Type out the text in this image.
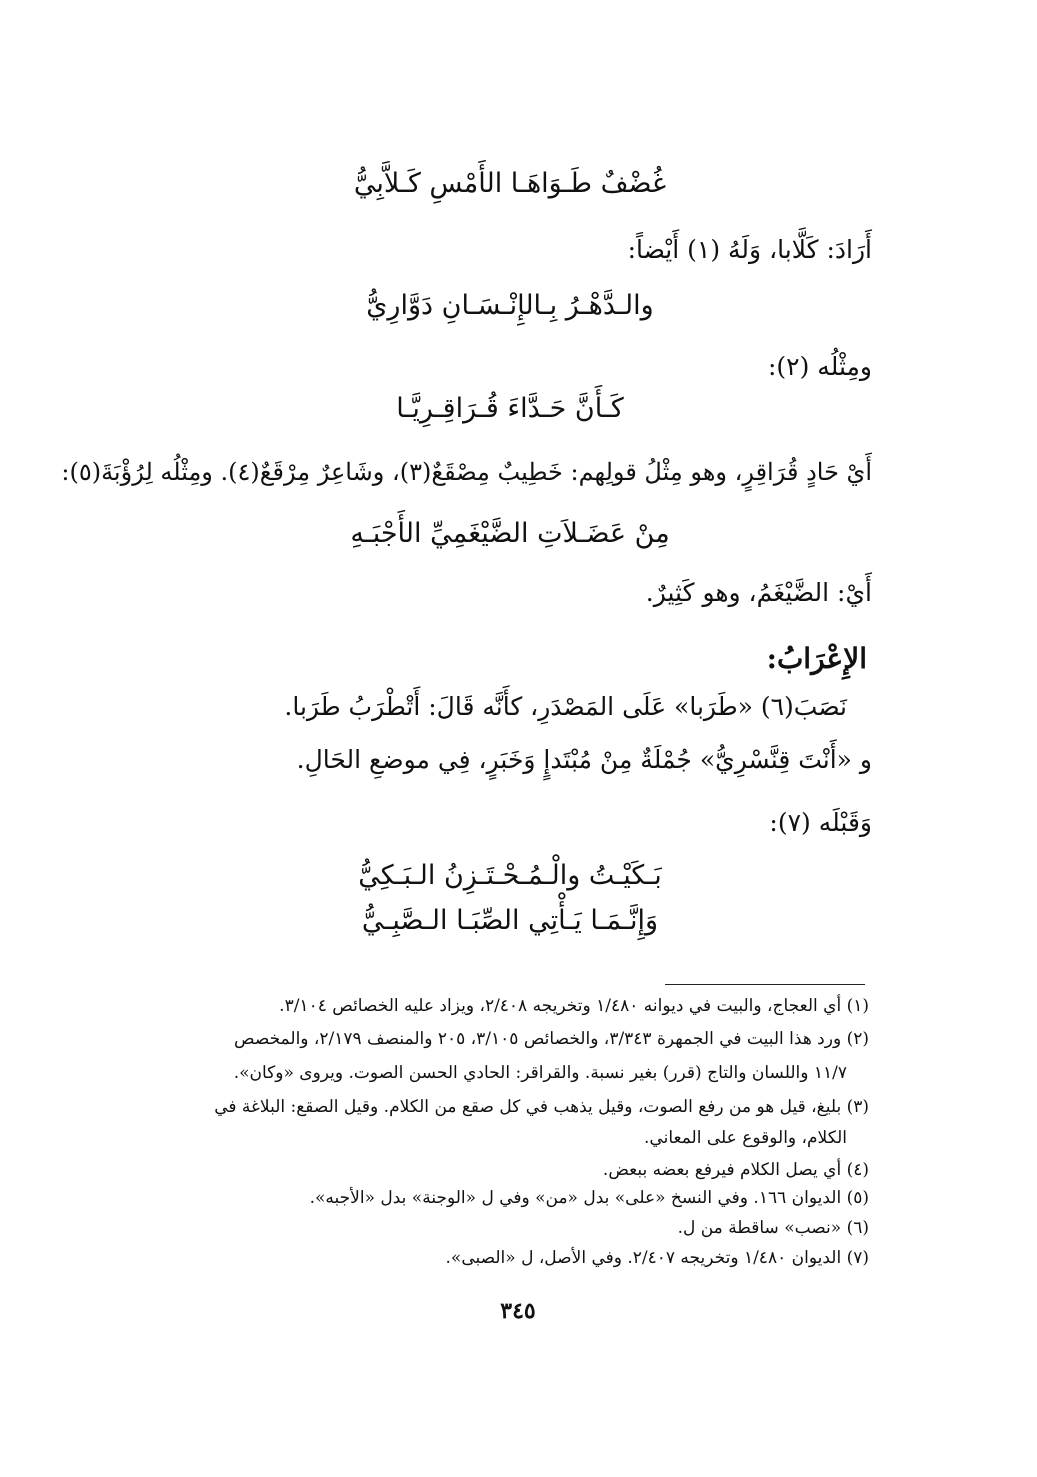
غُضْفٌ طَـوَاهَـا الأَمْسِ كَـلاَّبِيُّ
أَرَادَ: كَلَّابا، وَلَهُ (١) أَيْضاً:
والـدَّهْـرُ بِـالإِنْـسَـانِ دَوَّارِيُّ
ومِثْلُه (٢):
كَـأَنَّ حَـدَّاءَ قُـرَاقِـرِيَّـا
أَيْ حَادٍ قُرَاقِرٍ، وهو مِثْلُ قولِهم: خَطِيبٌ مِصْقَعٌ(٣)، وشَاعِرٌ مِرْقَعٌ(٤). ومِثْلُه لِرُؤْبَةَ(٥):
مِنْ عَضَـلاَتِ الضَّيْغَمِيِّ الأَجْبَـهِ
أَيْ: الضَّيْغَمُ، وهو كَثِيرٌ.
الإِعْرَابُ:
نَصَبَ(٦) «طَرَبا» عَلَى المَصْدَرِ، كأَنَّه قَالَ: أَتْطْرَبُ طَرَبا.
و «أَنْتَ قِنَّسْرِيُّ» جُمْلَةٌ مِنْ مُبْتَدإٍ وَخَبَرٍ، فِي موضعِ الحَالِ.
وَقَبْلَه (٧):
بَـكَيْـتُ والْـمُـحْـتَـزِنُ الـبَـكِيُّ
وَإِنَّـمَـا يَـأْتِي الصِّبَـا الـصَّبِـيُّ
(١) أي العجاج، والبيت في ديوانه ١/٤٨٠ وتخريجه ٢/٤٠٨، ويزاد عليه الخصائص ٣/١٠٤.
(٢) ورد هذا البيت في الجمهرة ٣/٣٤٣، والخصائص ٣/١٠٥، ٢٠٥ والمنصف ٢/١٧٩، والمخصص
١١/٧ واللسان والتاج (قرر) بغير نسبة. والقراقر: الحادي الحسن الصوت. ويروى «وكان».
(٣) بليغ، قيل هو من رفع الصوت، وقيل يذهب في كل صقع من الكلام. وقيل الصقع: البلاغة في
الكلام، والوقوع على المعاني.
(٤) أي يصل الكلام فيرفع بعضه ببعض.
(٥) الديوان ١٦٦. وفي النسخ «على» بدل «من» وفي ل «الوجنة» بدل «الأجبه».
(٦) «نصب» ساقطة من ل.
(٧) الديوان ١/٤٨٠ وتخريجه ٢/٤٠٧. وفي الأصل، ل «الصبى».
٣٤٥
